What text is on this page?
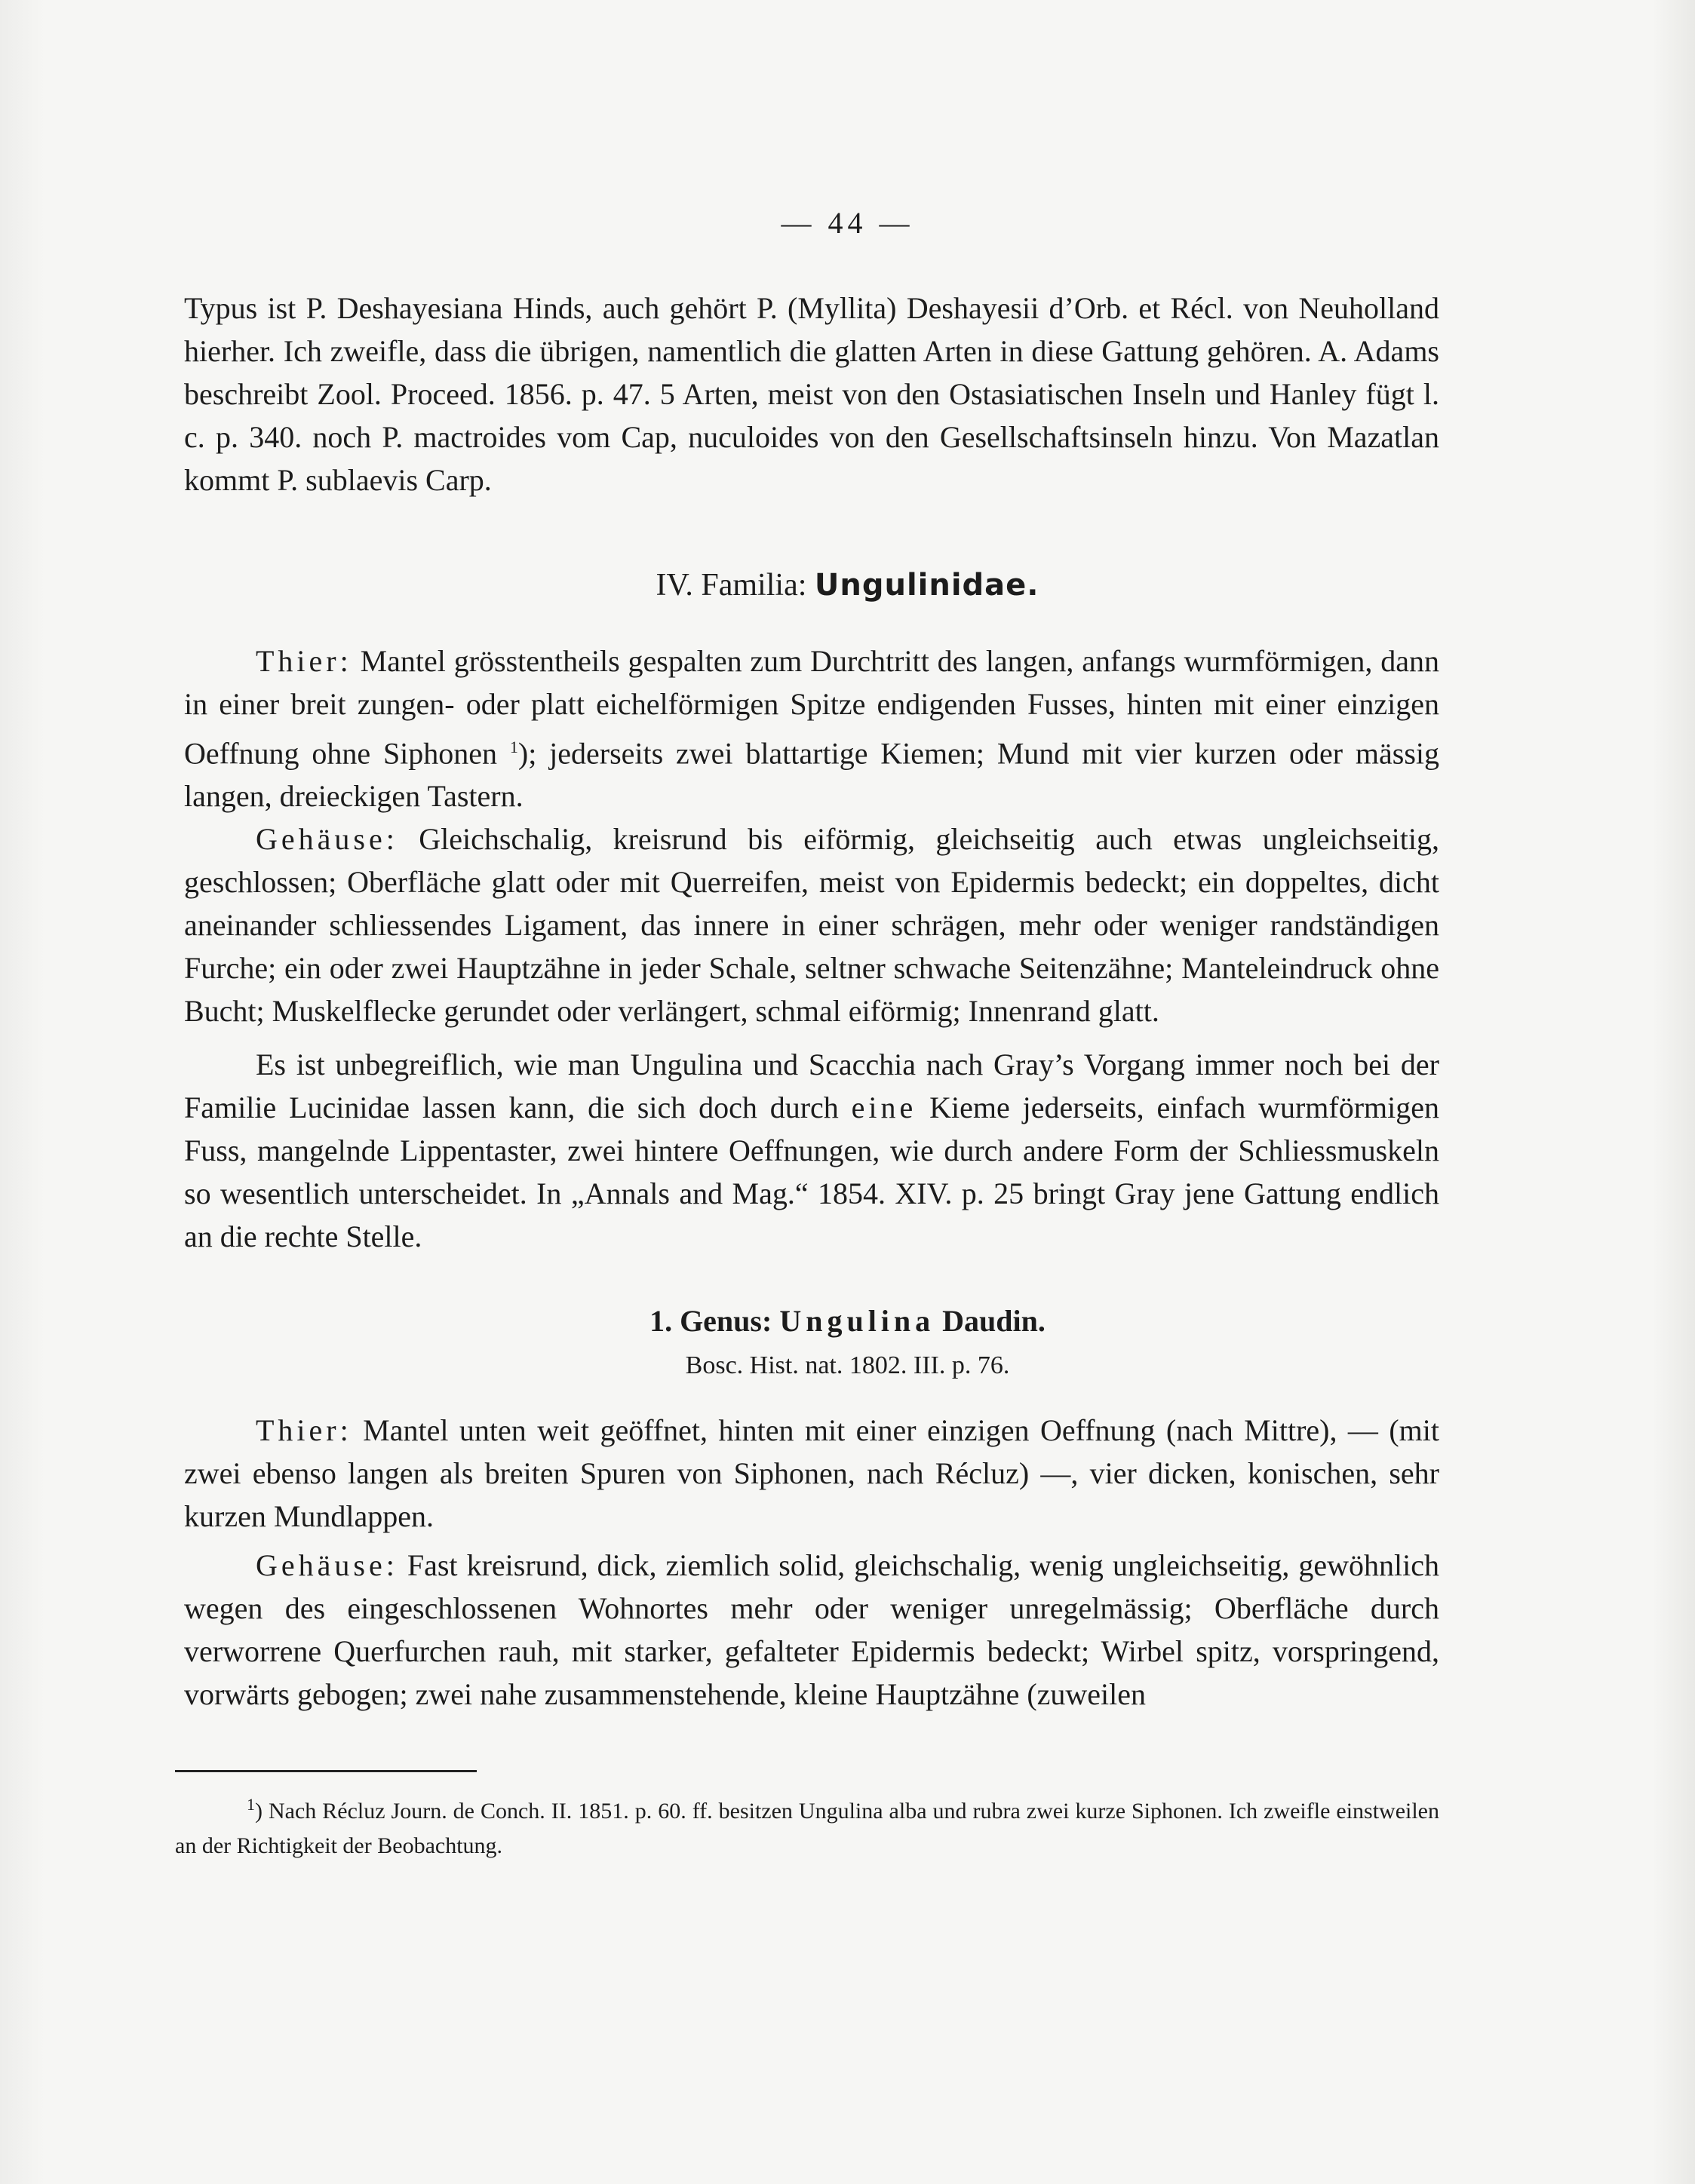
— 44 —
Typus ist P. Deshayesiana Hinds, auch gehört P. (Myllita) Deshayesii d’Orb. et Récl. von Neuholland hierher. Ich zweifle, dass die übrigen, namentlich die glatten Arten in diese Gattung gehören. A. Adams beschreibt Zool. Proceed. 1856. p. 47. 5 Arten, meist von den Ostasiatischen Inseln und Hanley fügt l. c. p. 340. noch P. mactroides vom Cap, nuculoides von den Gesellschaftsinseln hinzu. Von Mazatlan kommt P. sublaevis Carp.
IV. Familia: Ungulinidae.

Thier: Mantel grösstentheils gespalten zum Durchtritt des langen, anfangs wurmförmigen, dann in einer breit zungen- oder platt eichelförmigen Spitze endigenden Fusses, hinten mit einer einzigen Oeffnung ohne Siphonen $^1$); jederseits zwei blattartige Kiemen; Mund mit vier kurzen oder mässig langen, dreieckigen Tastern.

Gehäuse: Gleichschalig, kreisrund bis eiförmig, gleichseitig auch etwas ungleichseitig, geschlossen; Oberfläche glatt oder mit Querreifen, meist von Epidermis bedeckt; ein doppeltes, dicht aneinander schliessendes Ligament, das innere in einer schrägen, mehr oder weniger randständigen Furche; ein oder zwei Hauptzähne in jeder Schale, seltner schwache Seitenzähne; Manteleindruck ohne Bucht; Muskelflecke gerundet oder verlängert, schmal eiförmig; Innenrand glatt.

Es ist unbegreiflich, wie man Ungulina und Scacchia nach Gray’s Vorgang immer noch bei der Familie Lucinidae lassen kann, die sich doch durch eine Kieme jederseits, einfach wurmförmigen Fuss, mangelnde Lippentaster, zwei hintere Oeffnungen, wie durch andere Form der Schliessmuskeln so wesentlich unterscheidet. In „Annals and Mag.“ 1854. XIV. p. 25 bringt Gray jene Gattung endlich an die rechte Stelle.

1. Genus: Ungulina Daudin.
Bosc. Hist. nat. 1802. III. p. 76.

Thier: Mantel unten weit geöffnet, hinten mit einer einzigen Oeffnung (nach Mittre), — (mit zwei ebenso langen als breiten Spuren von Siphonen, nach Récluz) —, vier dicken, konischen, sehr kurzen Mundlappen.

Gehäuse: Fast kreisrund, dick, ziemlich solid, gleichschalig, wenig ungleichseitig, gewöhnlich wegen des eingeschlossenen Wohnortes mehr oder weniger unregelmässig; Oberfläche durch verworrene Querfurchen rauh, mit starker, gefalteter Epidermis bedeckt; Wirbel spitz, vorspringend, vorwärts gebogen; zwei nahe zusammenstehende, kleine Hauptzähne (zuweilen

$^1$) Nach Récluz Journ. de Conch. II. 1851. p. 60. ff. besitzen Ungulina alba und rubra zwei kurze Siphonen. Ich zweifle einstweilen an der Richtigkeit der Beobachtung.
